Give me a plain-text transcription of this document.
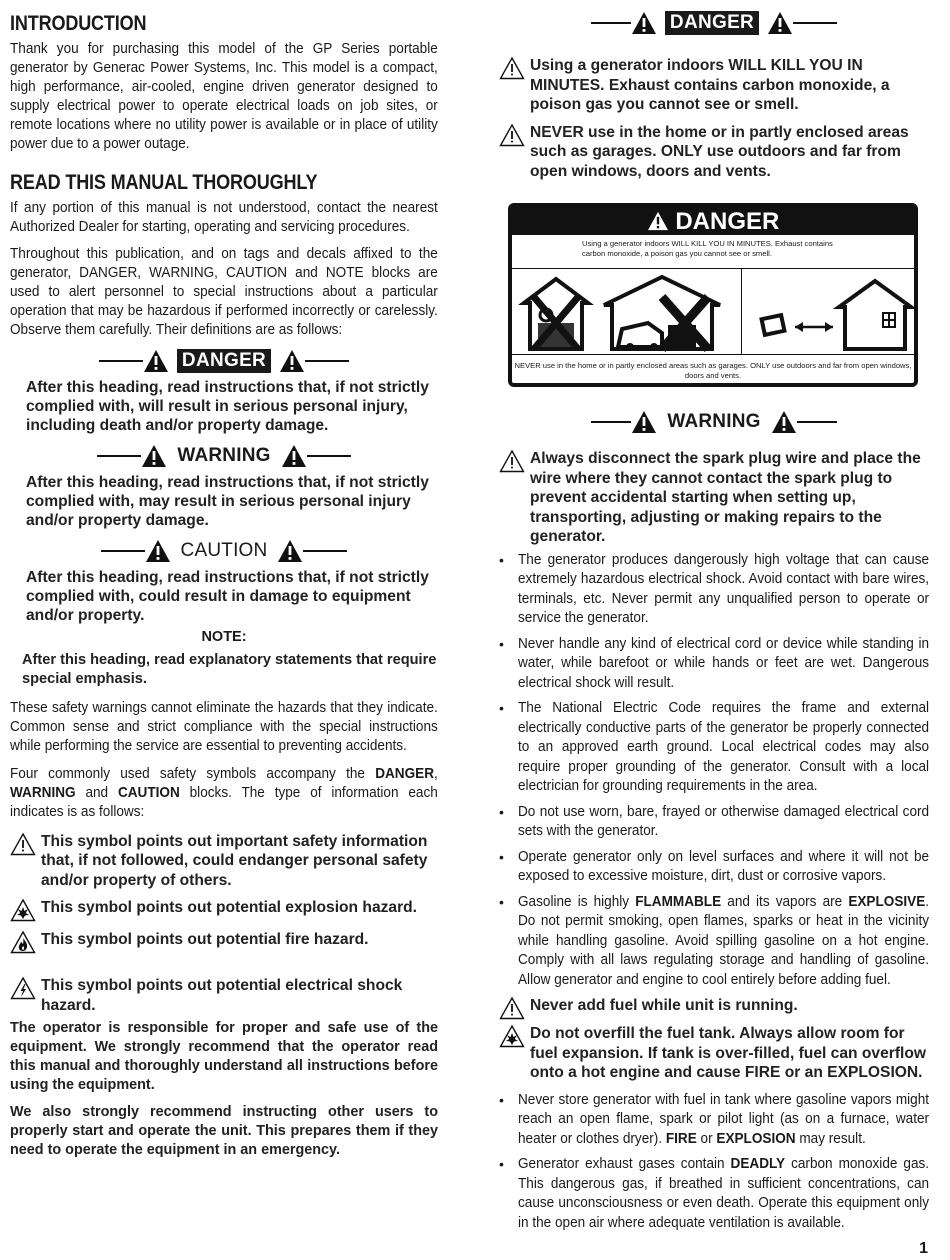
INTRODUCTION
Thank you for purchasing this model of the GP Series portable generator by Generac Power Systems, Inc. This model is a compact, high performance, air-cooled, engine driven generator designed to supply electrical power to operate electrical loads on job sites, or remote locations where no utility power is available or in place of utility power due to a power outage.
READ THIS MANUAL THOROUGHLY
If any portion of this manual is not understood, contact the nearest Authorized Dealer for starting, operating and servicing procedures.
Throughout this publication, and on tags and decals affixed to the generator, DANGER, WARNING, CAUTION and NOTE blocks are used to alert personnel to special instructions about a particular operation that may be hazardous if performed incorrectly or carelessly. Observe them carefully. Their definitions are as follows:
DANGER
After this heading, read instructions that, if not strictly complied with, will result in serious personal injury, including death and/or property damage.
WARNING
After this heading, read instructions that, if not strictly complied with, may result in serious personal injury and/or property damage.
CAUTION
After this heading, read instructions that, if not strictly complied with, could result in damage to equipment and/or property.
NOTE:
After this heading, read explanatory statements that require special emphasis.
These safety warnings cannot eliminate the hazards that they indicate. Common sense and strict compliance with the special instructions while performing the service are essential to preventing accidents.
Four commonly used safety symbols accompany the DANGER, WARNING and CAUTION blocks. The type of information each indicates is as follows:
This symbol points out important safety information that, if not followed, could endanger personal safety and/or property of others.
This symbol points out potential explosion hazard.
This symbol points out potential fire hazard.
This symbol points out potential electrical shock hazard.
The operator is responsible for proper and safe use of the equipment. We strongly recommend that the operator read this manual and thoroughly understand all instructions before using the equipment.
We also strongly recommend instructing other users to properly start and operate the unit. This prepares them if they need to operate the equipment in an emergency.
DANGER
Using a generator indoors WILL KILL YOU IN MINUTES. Exhaust contains carbon monoxide, a poison gas you cannot see or smell.
NEVER use in the home or in partly enclosed areas such as garages. ONLY use outdoors and far from open windows, doors and vents.
DANGER
Using a generator indoors WILL KILL YOU IN MINUTES. Exhaust contains carbon monoxide, a poison gas you cannot see or smell.
NEVER use in the home or in partly enclosed areas such as garages. ONLY use outdoors and far from open windows, doors and vents.
WARNING
Always disconnect the spark plug wire and place the wire where they cannot contact the spark plug to prevent accidental starting when setting up, transporting, adjusting or making repairs to the generator.
• The generator produces dangerously high voltage that can cause extremely hazardous electrical shock. Avoid contact with bare wires, terminals, etc. Never permit any unqualified person to operate or service the generator.
• Never handle any kind of electrical cord or device while standing in water, while barefoot or while hands or feet are wet. Dangerous electrical shock will result.
• The National Electric Code requires the frame and external electrically conductive parts of the generator be properly connected to an approved earth ground. Local electrical codes may also require proper grounding of the generator. Consult with a local electrician for grounding requirements in the area.
• Do not use worn, bare, frayed or otherwise damaged electrical cord sets with the generator.
• Operate generator only on level surfaces and where it will not be exposed to excessive moisture, dirt, dust or corrosive vapors.
• Gasoline is highly FLAMMABLE and its vapors are EXPLOSIVE. Do not permit smoking, open flames, sparks or heat in the vicinity while handling gasoline. Avoid spilling gasoline on a hot engine. Comply with all laws regulating storage and handling of gasoline. Allow generator and engine to cool entirely before adding fuel.
Never add fuel while unit is running.
Do not overfill the fuel tank. Always allow room for fuel expansion. If tank is over-filled, fuel can overflow onto a hot engine and cause FIRE or an EXPLOSION.
• Never store generator with fuel in tank where gasoline vapors might reach an open flame, spark or pilot light (as on a furnace, water heater or clothes dryer). FIRE or EXPLOSION may result.
• Generator exhaust gases contain DEADLY carbon monoxide gas. This dangerous gas, if breathed in sufficient concentrations, can cause unconsciousness or even death. Operate this equipment only in the open air where adequate ventilation is available.
1
